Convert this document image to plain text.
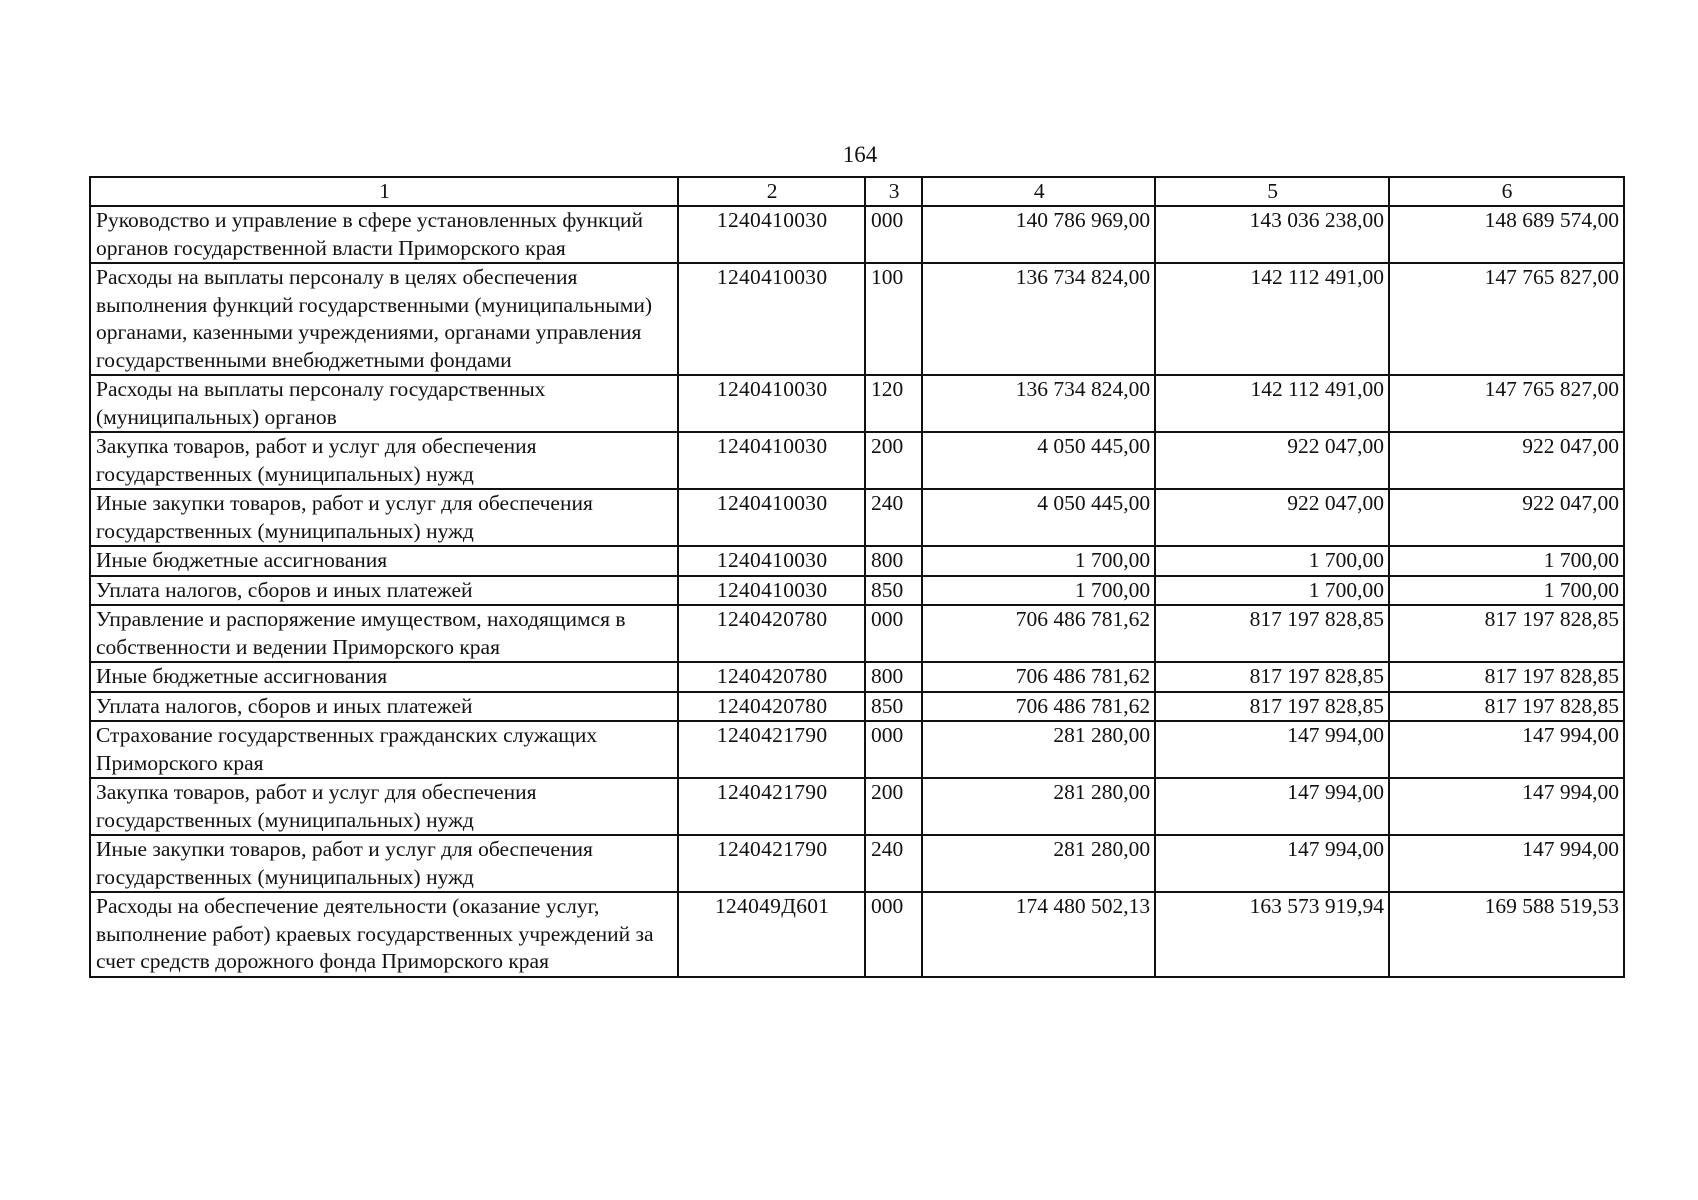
164
1	2	3	4	5	6
Руководство и управление в сфере установленных функций органов государственной власти Приморского края	1240410030	000	140 786 969,00	143 036 238,00	148 689 574,00
Расходы на выплаты персоналу в целях обеспечения выполнения функций государственными (муниципальными) органами, казенными учреждениями, органами управления государственными внебюджетными фондами	1240410030	100	136 734 824,00	142 112 491,00	147 765 827,00
Расходы на выплаты персоналу государственных (муниципальных) органов	1240410030	120	136 734 824,00	142 112 491,00	147 765 827,00
Закупка товаров, работ и услуг для обеспечения государственных (муниципальных) нужд	1240410030	200	4 050 445,00	922 047,00	922 047,00
Иные закупки товаров, работ и услуг для обеспечения государственных (муниципальных) нужд	1240410030	240	4 050 445,00	922 047,00	922 047,00
Иные бюджетные ассигнования	1240410030	800	1 700,00	1 700,00	1 700,00
Уплата налогов, сборов и иных платежей	1240410030	850	1 700,00	1 700,00	1 700,00
Управление и распоряжение имуществом, находящимся в собственности и ведении Приморского края	1240420780	000	706 486 781,62	817 197 828,85	817 197 828,85
Иные бюджетные ассигнования	1240420780	800	706 486 781,62	817 197 828,85	817 197 828,85
Уплата налогов, сборов и иных платежей	1240420780	850	706 486 781,62	817 197 828,85	817 197 828,85
Страхование государственных гражданских служащих Приморского края	1240421790	000	281 280,00	147 994,00	147 994,00
Закупка товаров, работ и услуг для обеспечения государственных (муниципальных) нужд	1240421790	200	281 280,00	147 994,00	147 994,00
Иные закупки товаров, работ и услуг для обеспечения государственных (муниципальных) нужд	1240421790	240	281 280,00	147 994,00	147 994,00
Расходы на обеспечение деятельности (оказание услуг, выполнение работ) краевых государственных учреждений за счет средств дорожного фонда Приморского края	124049Д601	000	174 480 502,13	163 573 919,94	169 588 519,53
